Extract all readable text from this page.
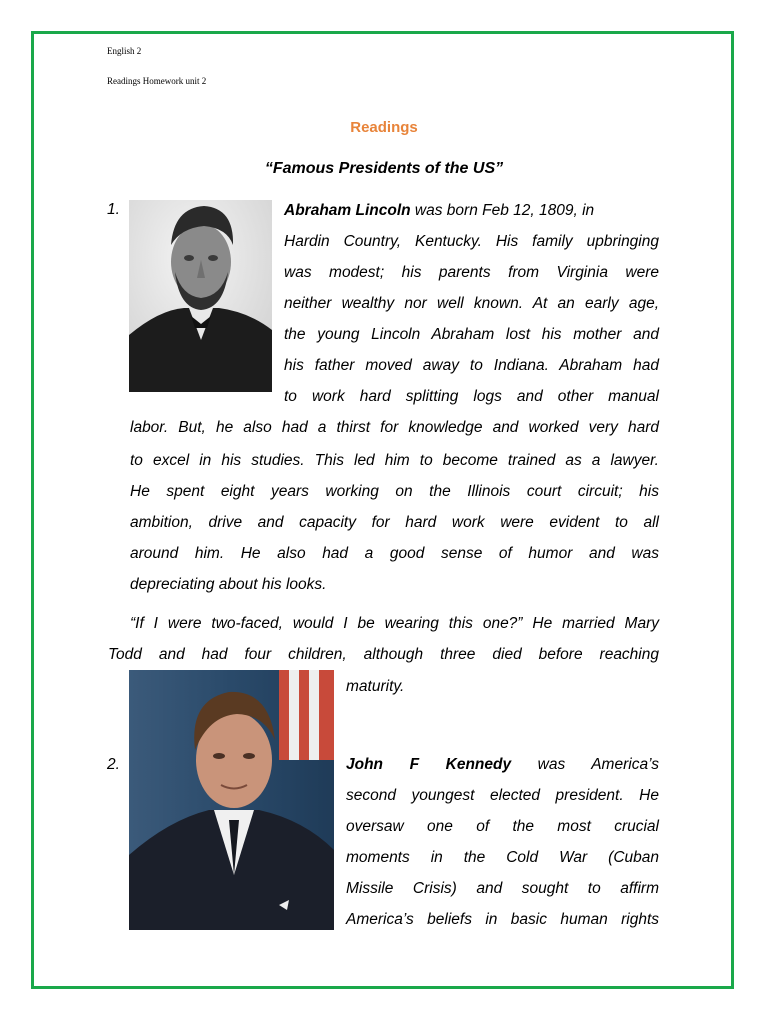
English 2
Readings Homework unit 2
Readings
“Famous Presidents of the US”
1.	Abraham Lincoln was born Feb 12, 1809, in
Hardin Country, Kentucky. His family upbringing
was modest; his parents from Virginia were
neither wealthy nor well known. At an early age,
the young Lincoln Abraham lost his mother and
his father moved away to Indiana. Abraham had
to work hard splitting logs and other manual
labor. But, he also had a thirst for knowledge and worked very hard
to excel in his studies. This led him to become trained as a lawyer.
He spent eight years working on the Illinois court circuit; his
ambition, drive and capacity for hard work were evident to all
around him. He also had a good sense of humor and was
depreciating about his looks.
“If I were two-faced, would I be wearing this one?” He married Mary
Todd and had four children, although three died before reaching
maturity.
2.	John F Kennedy was America’s
second youngest elected president. He
oversaw one of the most crucial
moments in the Cold War (Cuban
Missile Crisis) and sought to affirm
America’s beliefs in basic human rights
